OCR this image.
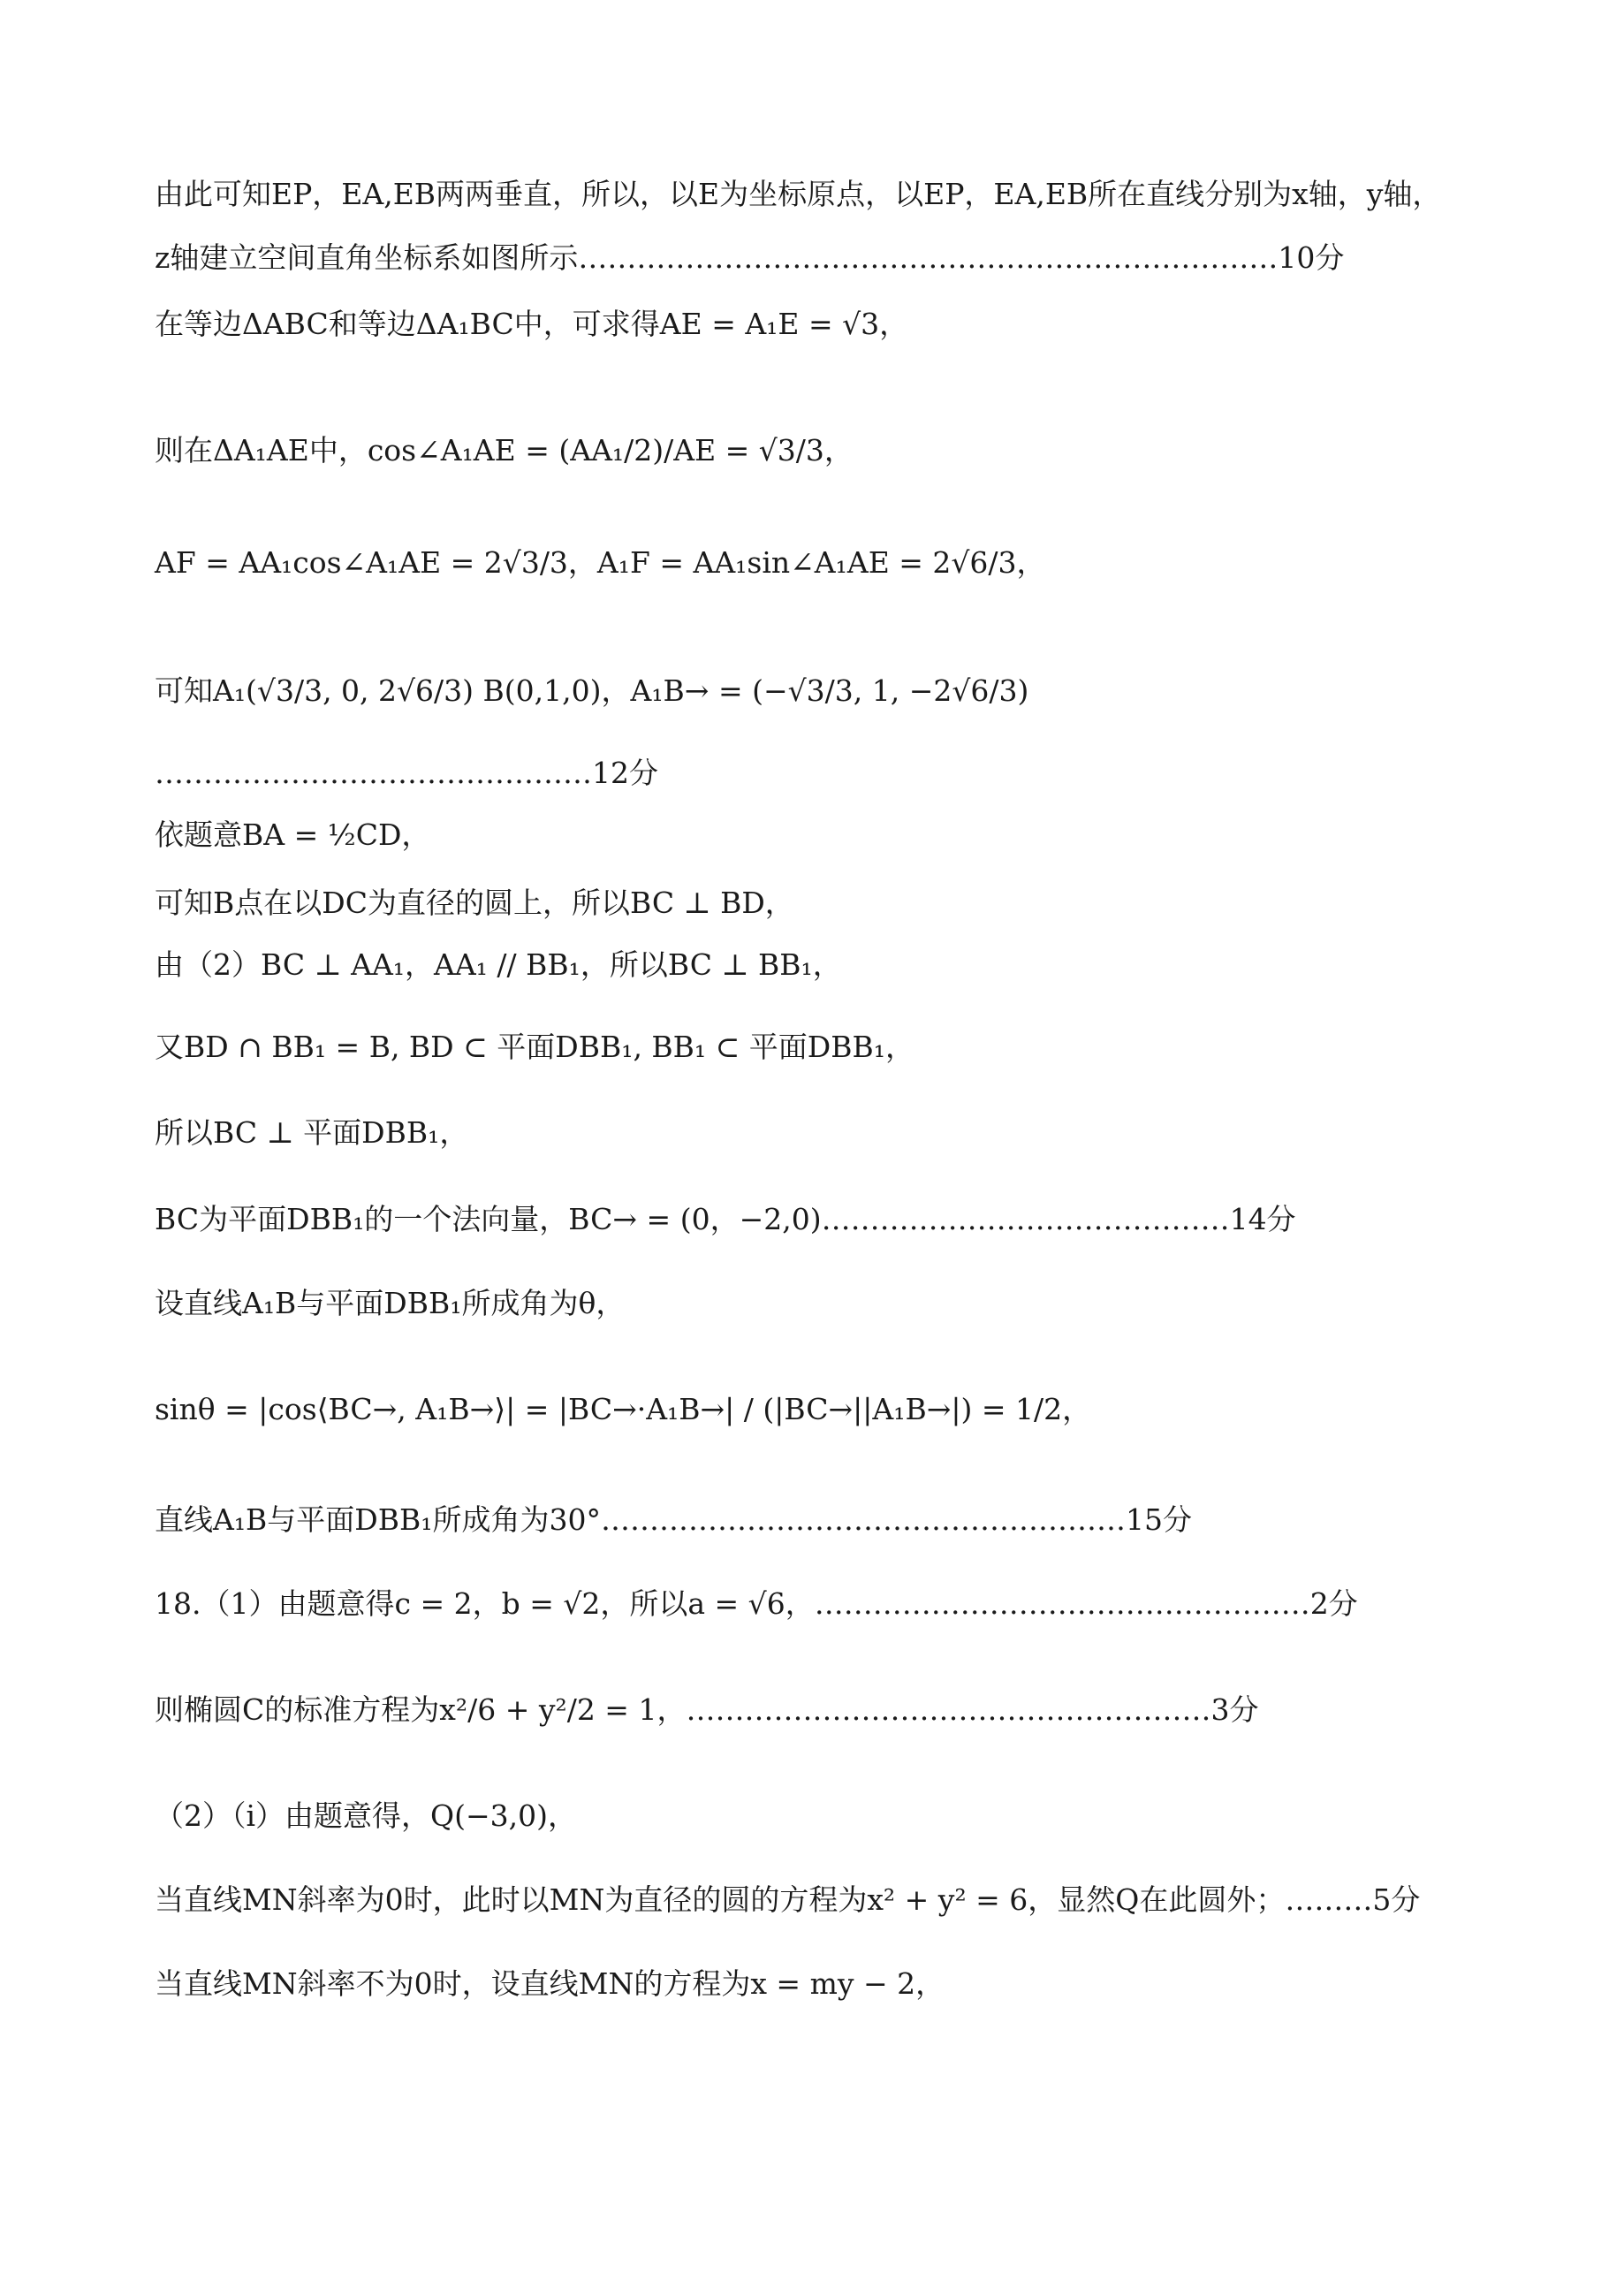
由此可知EP，EA,EB两两垂直，所以，以E为坐标原点，以EP，EA,EB所在直线分别为x轴，y轴，
z轴建立空间直角坐标系如图所示………………………………………………………………10分
在等边ΔABC和等边ΔA₁BC中，可求得AE = A₁E = √3，
则在ΔA₁AE中，cos∠A₁AE = (AA₁/2)/AE = √3/3，
AF = AA₁cos∠A₁AE = 2√3/3，A₁F = AA₁sin∠A₁AE = 2√6/3，
可知A₁(√3/3, 0, 2√6/3) B(0,1,0)，A₁B→ = (−√3/3, 1, −2√6/3)
………………………………………12分
依题意BA = ½CD，
可知B点在以DC为直径的圆上，所以BC ⊥ BD，
由（2）BC ⊥ AA₁，AA₁ // BB₁，所以BC ⊥ BB₁，
又BD ∩ BB₁ = B, BD ⊂ 平面DBB₁, BB₁ ⊂ 平面DBB₁，
所以BC ⊥ 平面DBB₁，
BC为平面DBB₁的一个法向量，BC→ = (0，−2,0)……………………………………14分
设直线A₁B与平面DBB₁所成角为θ，
sinθ = |cos⟨BC→, A₁B→⟩| = |BC→·A₁B→| / (|BC→||A₁B→|) = 1/2，
直线A₁B与平面DBB₁所成角为30°………………………………………………15分
18.（1）由题意得c = 2，b = √2，所以a = √6，……………………………………………2分
则椭圆C的标准方程为x²/6 + y²/2 = 1，………………………………………………3分
（2）（i）由题意得，Q(−3,0)，
当直线MN斜率为0时，此时以MN为直径的圆的方程为x² + y² = 6，显然Q在此圆外；………5分
当直线MN斜率不为0时，设直线MN的方程为x = my − 2，
